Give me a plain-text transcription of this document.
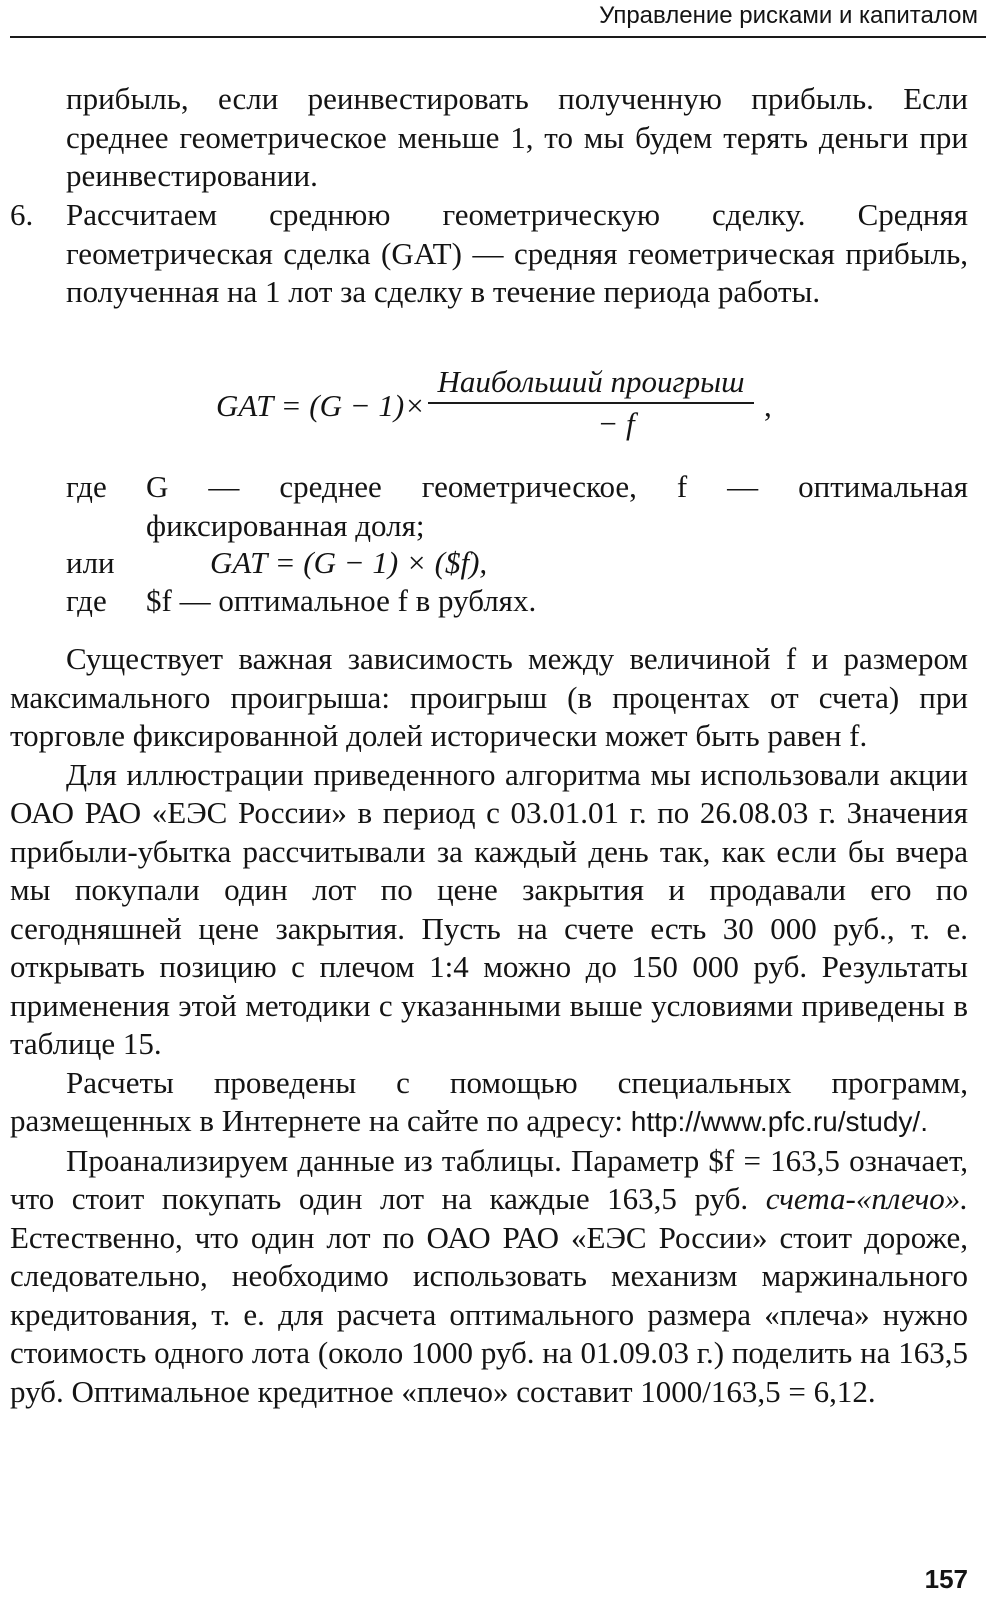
Управление рисками и капиталом
прибыль, если реинвестировать полученную прибыль. Если среднее геометрическое меньше 1, то мы будем терять деньги при реинвестировании.
6. Рассчитаем среднюю геометрическую сделку. Средняя геометрическая сделка (GAT) — средняя геометрическая прибыль, полученная на 1 лот за сделку в течение периода работы.
GAT = (G − 1)×
Наибольший проигрыш
− f	,
где G — среднее геометрическое, f — оптимальная фиксированная доля;
или	GAT = (G − 1) × ($f),
где $f — оптимальное f в рублях.

Существует важная зависимость между величиной f и размером максимального проигрыша: проигрыш (в процентах от счета) при торговле фиксированной долей исторически может быть равен f.

Для иллюстрации приведенного алгоритма мы использовали акции ОАО РАО «ЕЭС России» в период с 03.01.01 г. по 26.08.03 г. Значения прибыли-убытка рассчитывали за каждый день так, как если бы вчера мы покупали один лот по цене закрытия и продавали его по сегодняшней цене закрытия. Пусть на счете есть 30 000 руб., т. е. открывать позицию с плечом 1:4 можно до 150 000 руб. Результаты применения этой методики с указанными выше условиями приведены в таблице 15.

Расчеты проведены с помощью специальных программ, размещенных в Интернете на сайте по адресу: http://www.pfc.ru/study/.

Проанализируем данные из таблицы. Параметр $f = 163,5 означает, что стоит покупать один лот на каждые 163,5 руб. счета-«плечо». Естественно, что один лот по ОАО РАО «ЕЭС России» стоит дороже, следовательно, необходимо использовать механизм маржинального кредитования, т. е. для расчета оптимального размера «плеча» нужно стоимость одного лота (около 1000 руб. на 01.09.03 г.) поделить на 163,5 руб. Оптимальное кредитное «плечо» составит 1000/163,5 = 6,12.

157
